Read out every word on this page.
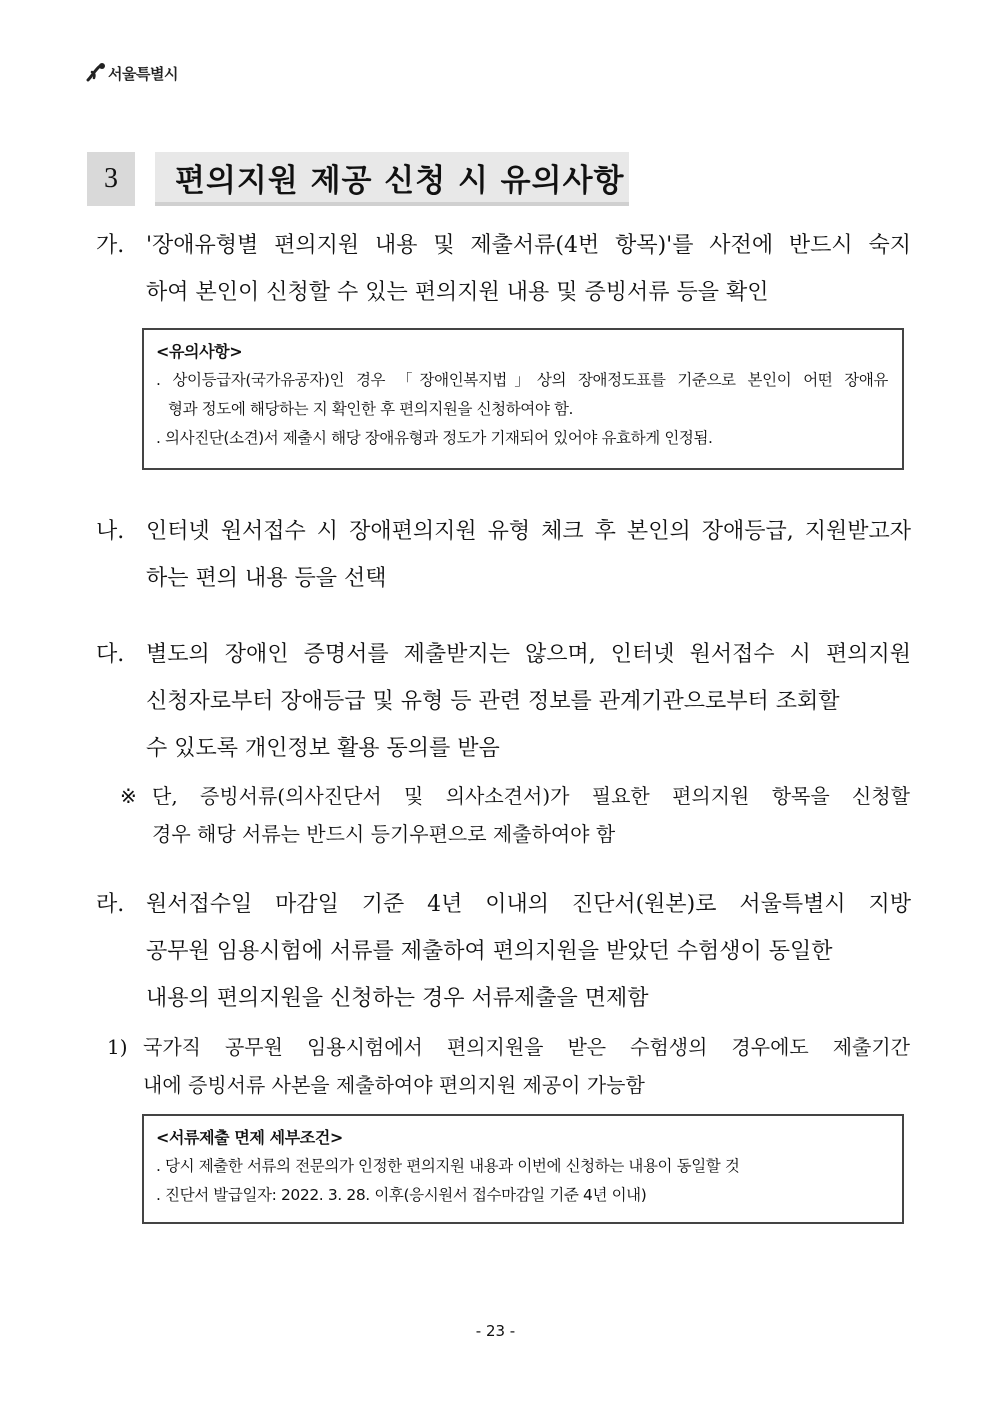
서울특별시
3	편의지원 제공 신청 시 유의사항
가. '장애유형별 편의지원 내용 및 제출서류(4번 항목)'를 사전에 반드시 숙지
하여 본인이 신청할 수 있는 편의지원 내용 및 증빙서류 등을 확인
<유의사항>
. 상이등급자(국가유공자)인 경우 「장애인복지법」상의 장애정도표를 기준으로 본인이 어떤 장애유
형과 정도에 해당하는 지 확인한 후 편의지원을 신청하여야 함.
. 의사진단(소견)서 제출시 해당 장애유형과 정도가 기재되어 있어야 유효하게 인정됨.
나. 인터넷 원서접수 시 장애편의지원 유형 체크 후 본인의 장애등급, 지원받고자
하는 편의 내용 등을 선택
다. 별도의 장애인 증명서를 제출받지는 않으며, 인터넷 원서접수 시 편의지원
신청자로부터 장애등급 및 유형 등 관련 정보를 관계기관으로부터 조회할
수 있도록 개인정보 활용 동의를 받음
※ 단, 증빙서류(의사진단서 및 의사소견서)가 필요한 편의지원 항목을 신청할
경우 해당 서류는 반드시 등기우편으로 제출하여야 함
라. 원서접수일 마감일 기준 4년 이내의 진단서(원본)로 서울특별시 지방
공무원 임용시험에 서류를 제출하여 편의지원을 받았던 수험생이 동일한
내용의 편의지원을 신청하는 경우 서류제출을 면제함
1) 국가직 공무원 임용시험에서 편의지원을 받은 수험생의 경우에도 제출기간
내에 증빙서류 사본을 제출하여야 편의지원 제공이 가능함
<서류제출 면제 세부조건>
. 당시 제출한 서류의 전문의가 인정한 편의지원 내용과 이번에 신청하는 내용이 동일할 것
. 진단서 발급일자: 2022. 3. 28. 이후(응시원서 접수마감일 기준 4년 이내)
- 23 -
